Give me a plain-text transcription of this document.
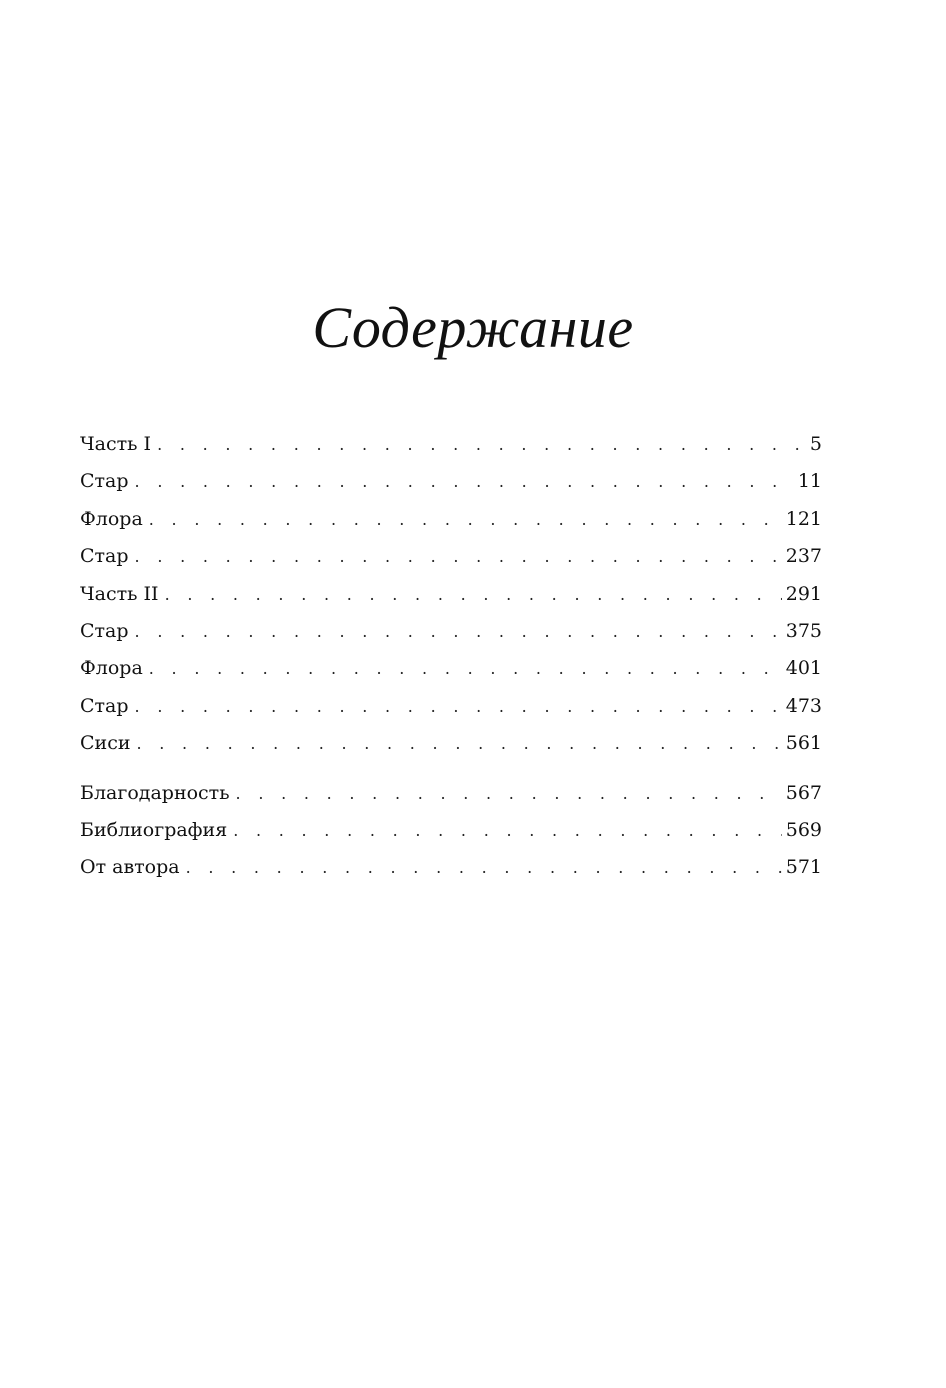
Содержание
Часть I . . .	5
Стар . . .	11
Флора . . .	121
Стар . . .	237
Часть II . . .	291
Стар . . .	375
Флора . . .	401
Стар . . .	473
Сиси . . .	561
Благодарность . . .	567
Библиография . . .	569
От автора . . .	571
